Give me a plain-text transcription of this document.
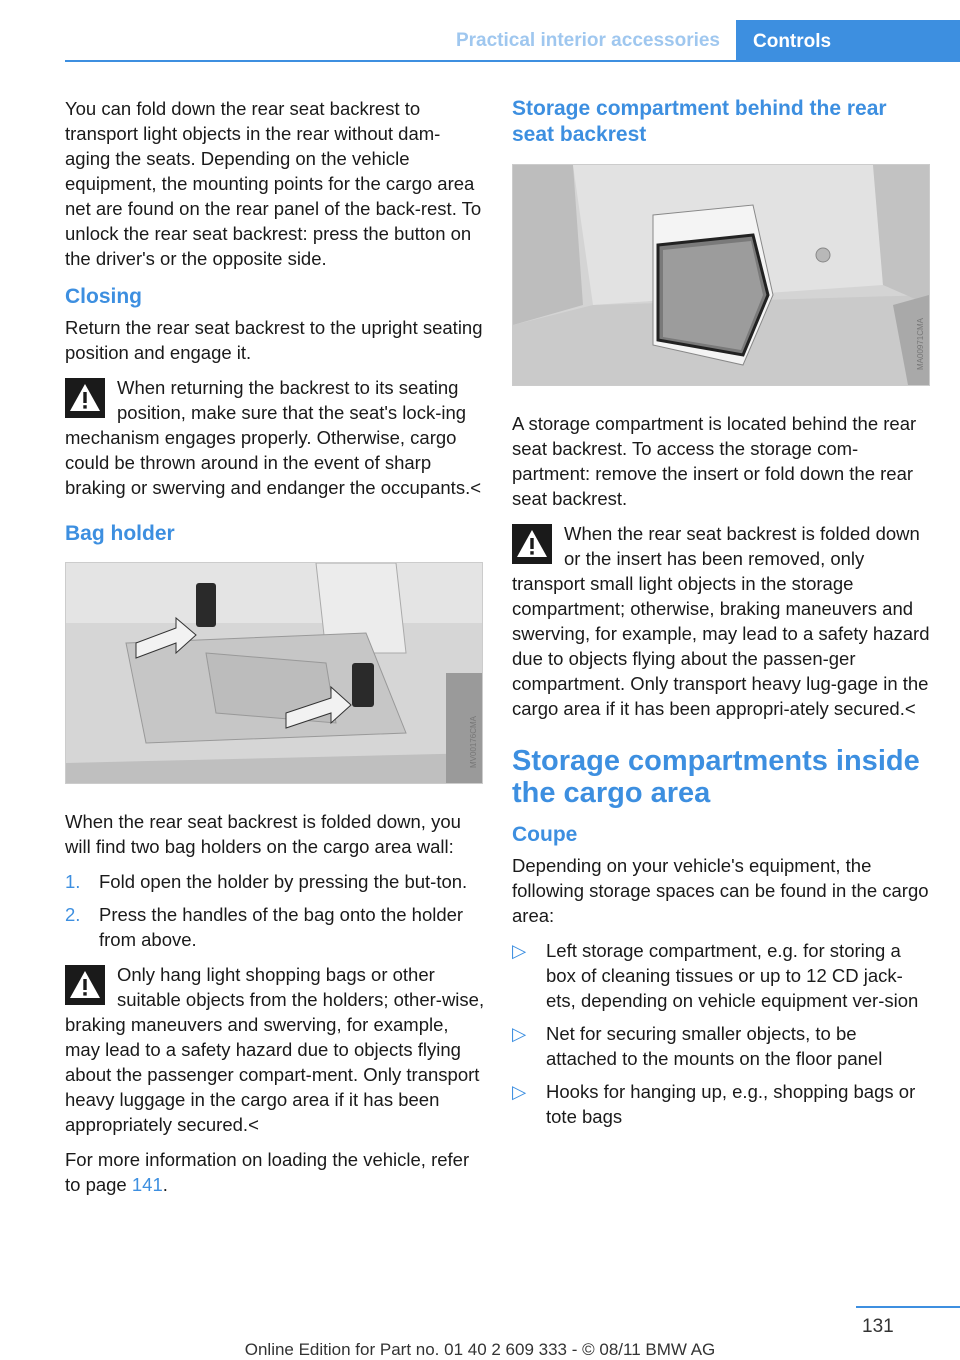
Practical interior accessories	Controls

You can fold down the rear seat backrest to transport light objects in the rear without dam-aging the seats. Depending on the vehicle equipment, the mounting points for the cargo area net are found on the rear panel of the back-rest. To unlock the rear seat backrest: press the button on the driver's or the opposite side.

Closing

Return the rear seat backrest to the upright seating position and engage it.

When returning the backrest to its seating position, make sure that the seat's lock-ing mechanism engages properly. Otherwise, cargo could be thrown around in the event of sharp braking or swerving and endanger the occupants.<
Bag holder
MV00176CMA

When the rear seat backrest is folded down, you will find two bag holders on the cargo area wall:

1. Fold open the holder by pressing the but-ton.
2. Press the handles of the bag onto the holder from above.
Only hang light shopping bags or other suitable objects from the holders; other-wise, braking maneuvers and swerving, for example, may lead to a safety hazard due to objects flying about the passenger compart-ment. Only transport heavy luggage in the cargo area if it has been appropriately secured.<

For more information on loading the vehicle, refer to page 141.

Storage compartment behind the rear seat backrest
MA00971CMA

A storage compartment is located behind the rear seat backrest. To access the storage com-partment: remove the insert or fold down the rear seat backrest.

When the rear seat backrest is folded down or the insert has been removed, only transport small light objects in the storage compartment; otherwise, braking maneuvers and swerving, for example, may lead to a safety hazard due to objects flying about the passen-ger compartment. Only transport heavy lug-gage in the cargo area if it has been appropri-ately secured.<
Storage compartments inside the cargo area
Coupe

Depending on your vehicle's equipment, the following storage spaces can be found in the cargo area:

▷ Left storage compartment, e.g. for storing a box of cleaning tissues or up to 12 CD jack-ets, depending on vehicle equipment ver-sion
▷ Net for securing smaller objects, to be attached to the mounts on the floor panel
▷ Hooks for hanging up, e.g., shopping bags or tote bags
131
Online Edition for Part no. 01 40 2 609 333 - © 08/11 BMW AG
